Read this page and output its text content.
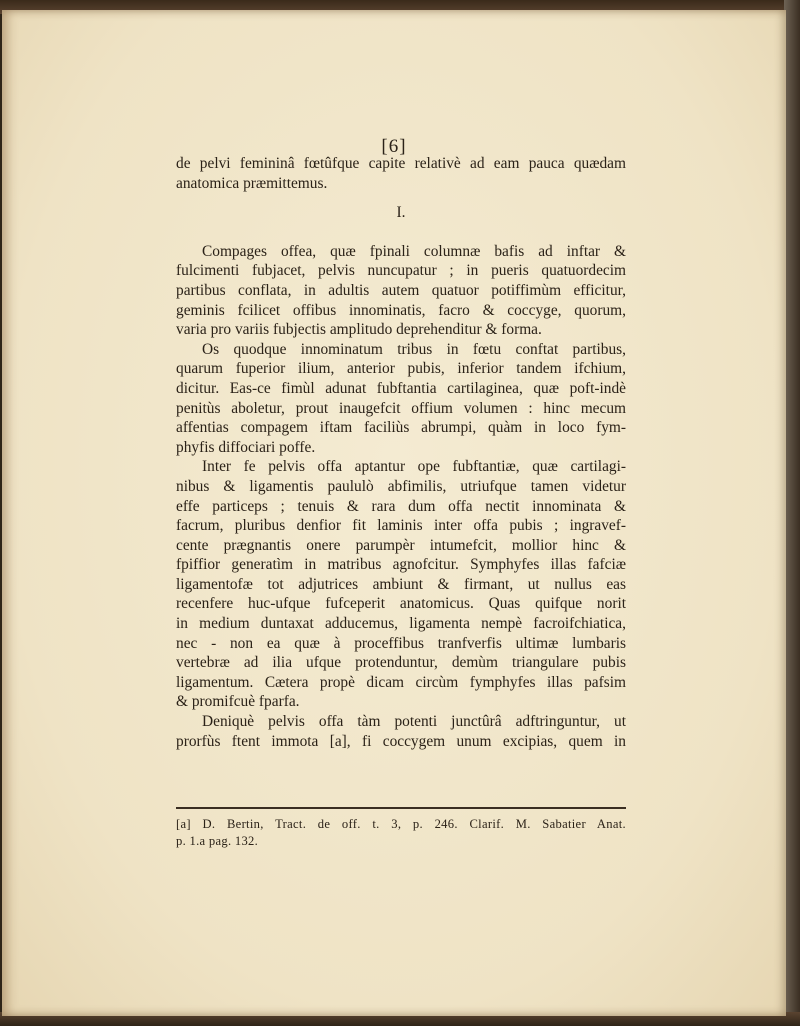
[6]
de pelvi femininâ fœtûfque capite relativè ad eam pauca quædam
anatomica præmittemus.
I.
Compages offea, quæ fpinali columnæ bafis ad inftar &
fulcimenti fubjacet, pelvis nuncupatur ; in pueris quatuordecim
partibus conflata, in adultis autem quatuor potiffimùm efficitur,
geminis fcilicet offibus innominatis, facro & coccyge, quorum,
varia pro variis fubjectis amplitudo deprehenditur & forma.
Os quodque innominatum tribus in fœtu conftat partibus,
quarum fuperior ilium, anterior pubis, inferior tandem ifchium,
dicitur. Eas-ce fimùl adunat fubftantia cartilaginea, quæ poft-indè
penitùs aboletur, prout inaugefcit offium volumen : hinc mecum
affentias compagem iftam faciliùs abrumpi, quàm in loco fym-
phyfis diffociari poffe.
Inter fe pelvis offa aptantur ope fubftantiæ, quæ cartilagi-
nibus & ligamentis paululò abfimilis, utriufque tamen videtur
effe particeps ; tenuis & rara dum offa nectit innominata &
facrum, pluribus denfior fit laminis inter offa pubis ; ingravef-
cente prægnantis onere parumpèr intumefcit, mollior hinc &
fpiffior generatìm in matribus agnofcitur. Symphyfes illas fafciæ
ligamentofæ tot adjutrices ambiunt & firmant, ut nullus eas
recenfere huc-ufque fufceperit anatomicus. Quas quifque norit
in medium duntaxat adducemus, ligamenta nempè facroifchiatica,
nec - non ea quæ à proceffibus tranfverfis ultimæ lumbaris
vertebræ ad ilia ufque protenduntur, demùm triangulare pubis
ligamentum. Cætera propè dicam circùm fymphyfes illas pafsim
& promifcuè fparfa.
Deniquè pelvis offa tàm potenti junctûrâ adftringuntur, ut
prorfùs ftent immota [a], fi coccygem unum excipias, quem in
[a] D. Bertin, Tract. de off. t. 3, p. 246. Clarif. M. Sabatier Anat.
p. 1.a pag. 132.
